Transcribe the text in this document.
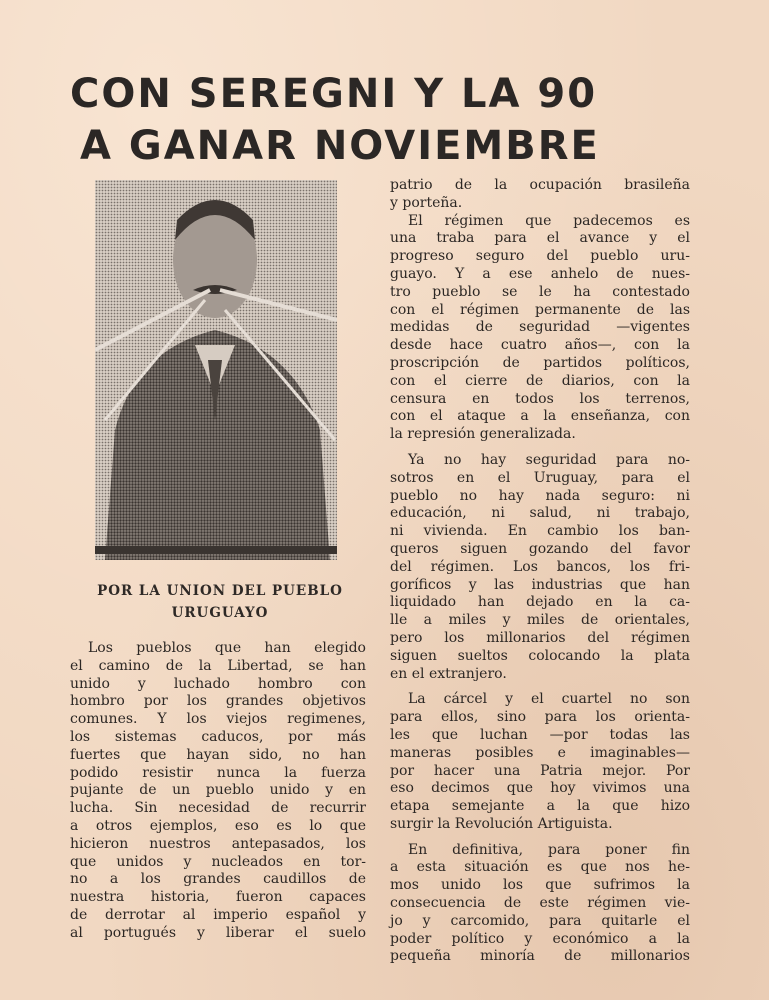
CON SEREGNI Y LA 90
A GANAR NOVIEMBRE
POR LA UNION DEL PUEBLO
URUGUAYO
Los pueblos que han elegido
el camino de la Libertad, se han
unido y luchado hombro con
hombro por los grandes objetivos
comunes. Y los viejos regimenes,
los sistemas caducos, por más
fuertes que hayan sido, no han
podido resistir nunca la fuerza
pujante de un pueblo unido y en
lucha. Sin necesidad de recurrir
a otros ejemplos, eso es lo que
hicieron nuestros antepasados, los
que unidos y nucleados en tor-
no a los grandes caudillos de
nuestra historia, fueron capaces
de derrotar al imperio español y
al portugués y liberar el suelo
patrio de la ocupación brasileña
y porteña.
El régimen que padecemos es
una traba para el avance y el
progreso seguro del pueblo uru-
guayo. Y a ese anhelo de nues-
tro pueblo se le ha contestado
con el régimen permanente de las
medidas de seguridad —vigentes
desde hace cuatro años—, con la
proscripción de partidos políticos,
con el cierre de diarios, con la
censura en todos los terrenos,
con el ataque a la enseñanza, con
la represión generalizada.
Ya no hay seguridad para no-
sotros en el Uruguay, para el
pueblo no hay nada seguro: ni
educación, ni salud, ni trabajo,
ni vivienda. En cambio los ban-
queros siguen gozando del favor
del régimen. Los bancos, los fri-
goríficos y las industrias que han
liquidado han dejado en la ca-
lle a miles y miles de orientales,
pero los millonarios del régimen
siguen sueltos colocando la plata
en el extranjero.
La cárcel y el cuartel no son
para ellos, sino para los orienta-
les que luchan —por todas las
maneras posibles e imaginables—
por hacer una Patria mejor. Por
eso decimos que hoy vivimos una
etapa semejante a la que hizo
surgir la Revolución Artiguista.
En definitiva, para poner fin
a esta situación es que nos he-
mos unido los que sufrimos la
consecuencia de este régimen vie-
jo y carcomido, para quitarle el
poder político y económico a la
pequeña minoría de millonarios
